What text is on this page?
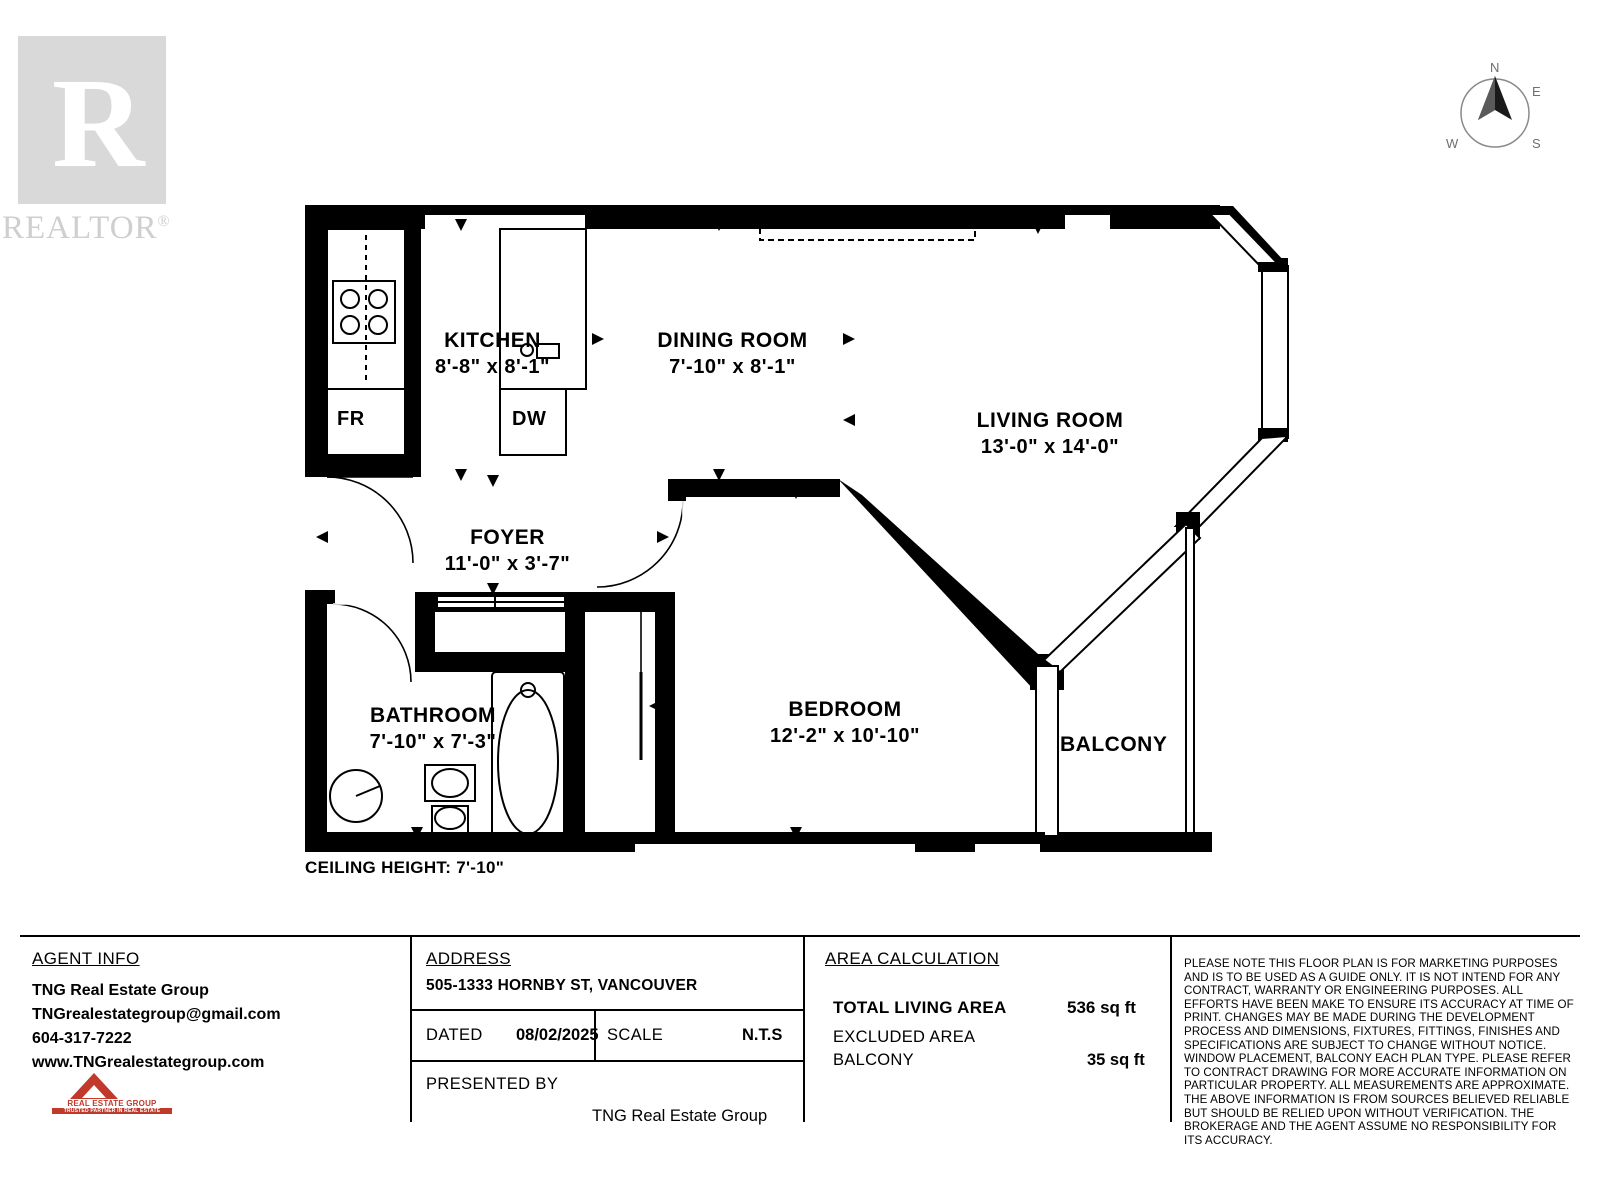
R
REALTOR®
N
E
S
W
KITCHEN
8'-8" x 8'-1"
DINING ROOM
7'-10" x 8'-1"
LIVING ROOM
13'-0" x 14'-0"
FOYER
11'-0" x 3'-7"
BATHROOM
7'-10" x 7'-3"
BEDROOM
12'-2" x 10'-10"	BALCONY
FR	DW
CEILING HEIGHT: 7'-10"
AGENT INFO
TNG Real Estate Group
TNGrealestategroup@gmail.com
604-317-7222
www.TNGrealestategroup.com
REAL ESTATE GROUP
TRUSTED PARTNER IN REAL ESTATE
ADDRESS
505-1333 HORNBY ST, VANCOUVER
DATED 08/02/2025 SCALE	N.T.S
PRESENTED BY
TNG Real Estate Group
AREA CALCULATION
TOTAL LIVING AREA	536 sq ft
EXCLUDED AREA
BALCONY	35 sq ft
PLEASE NOTE THIS FLOOR PLAN IS FOR MARKETING PURPOSES AND IS TO BE USED AS A GUIDE ONLY. IT IS NOT INTEND FOR ANY CONTRACT, WARRANTY OR ENGINEERING PURPOSES. ALL EFFORTS HAVE BEEN MAKE TO ENSURE ITS ACCURACY AT TIME OF PRINT. CHANGES MAY BE MADE DURING THE DEVELOPMENT PROCESS AND DIMENSIONS, FIXTURES, FITTINGS, FINISHES AND SPECIFICATIONS ARE SUBJECT TO CHANGE WITHOUT NOTICE. WINDOW PLACEMENT, BALCONY EACH PLAN TYPE. PLEASE REFER TO CONTRACT DRAWING FOR MORE ACCURATE INFORMATION ON PARTICULAR PROPERTY. ALL MEASUREMENTS ARE APPROXIMATE. THE ABOVE INFORMATION IS FROM SOURCES BELIEVED RELIABLE BUT SHOULD BE RELIED UPON WITHOUT VERIFICATION. THE BROKERAGE AND THE AGENT ASSUME NO RESPONSIBILITY FOR ITS ACCURACY.
